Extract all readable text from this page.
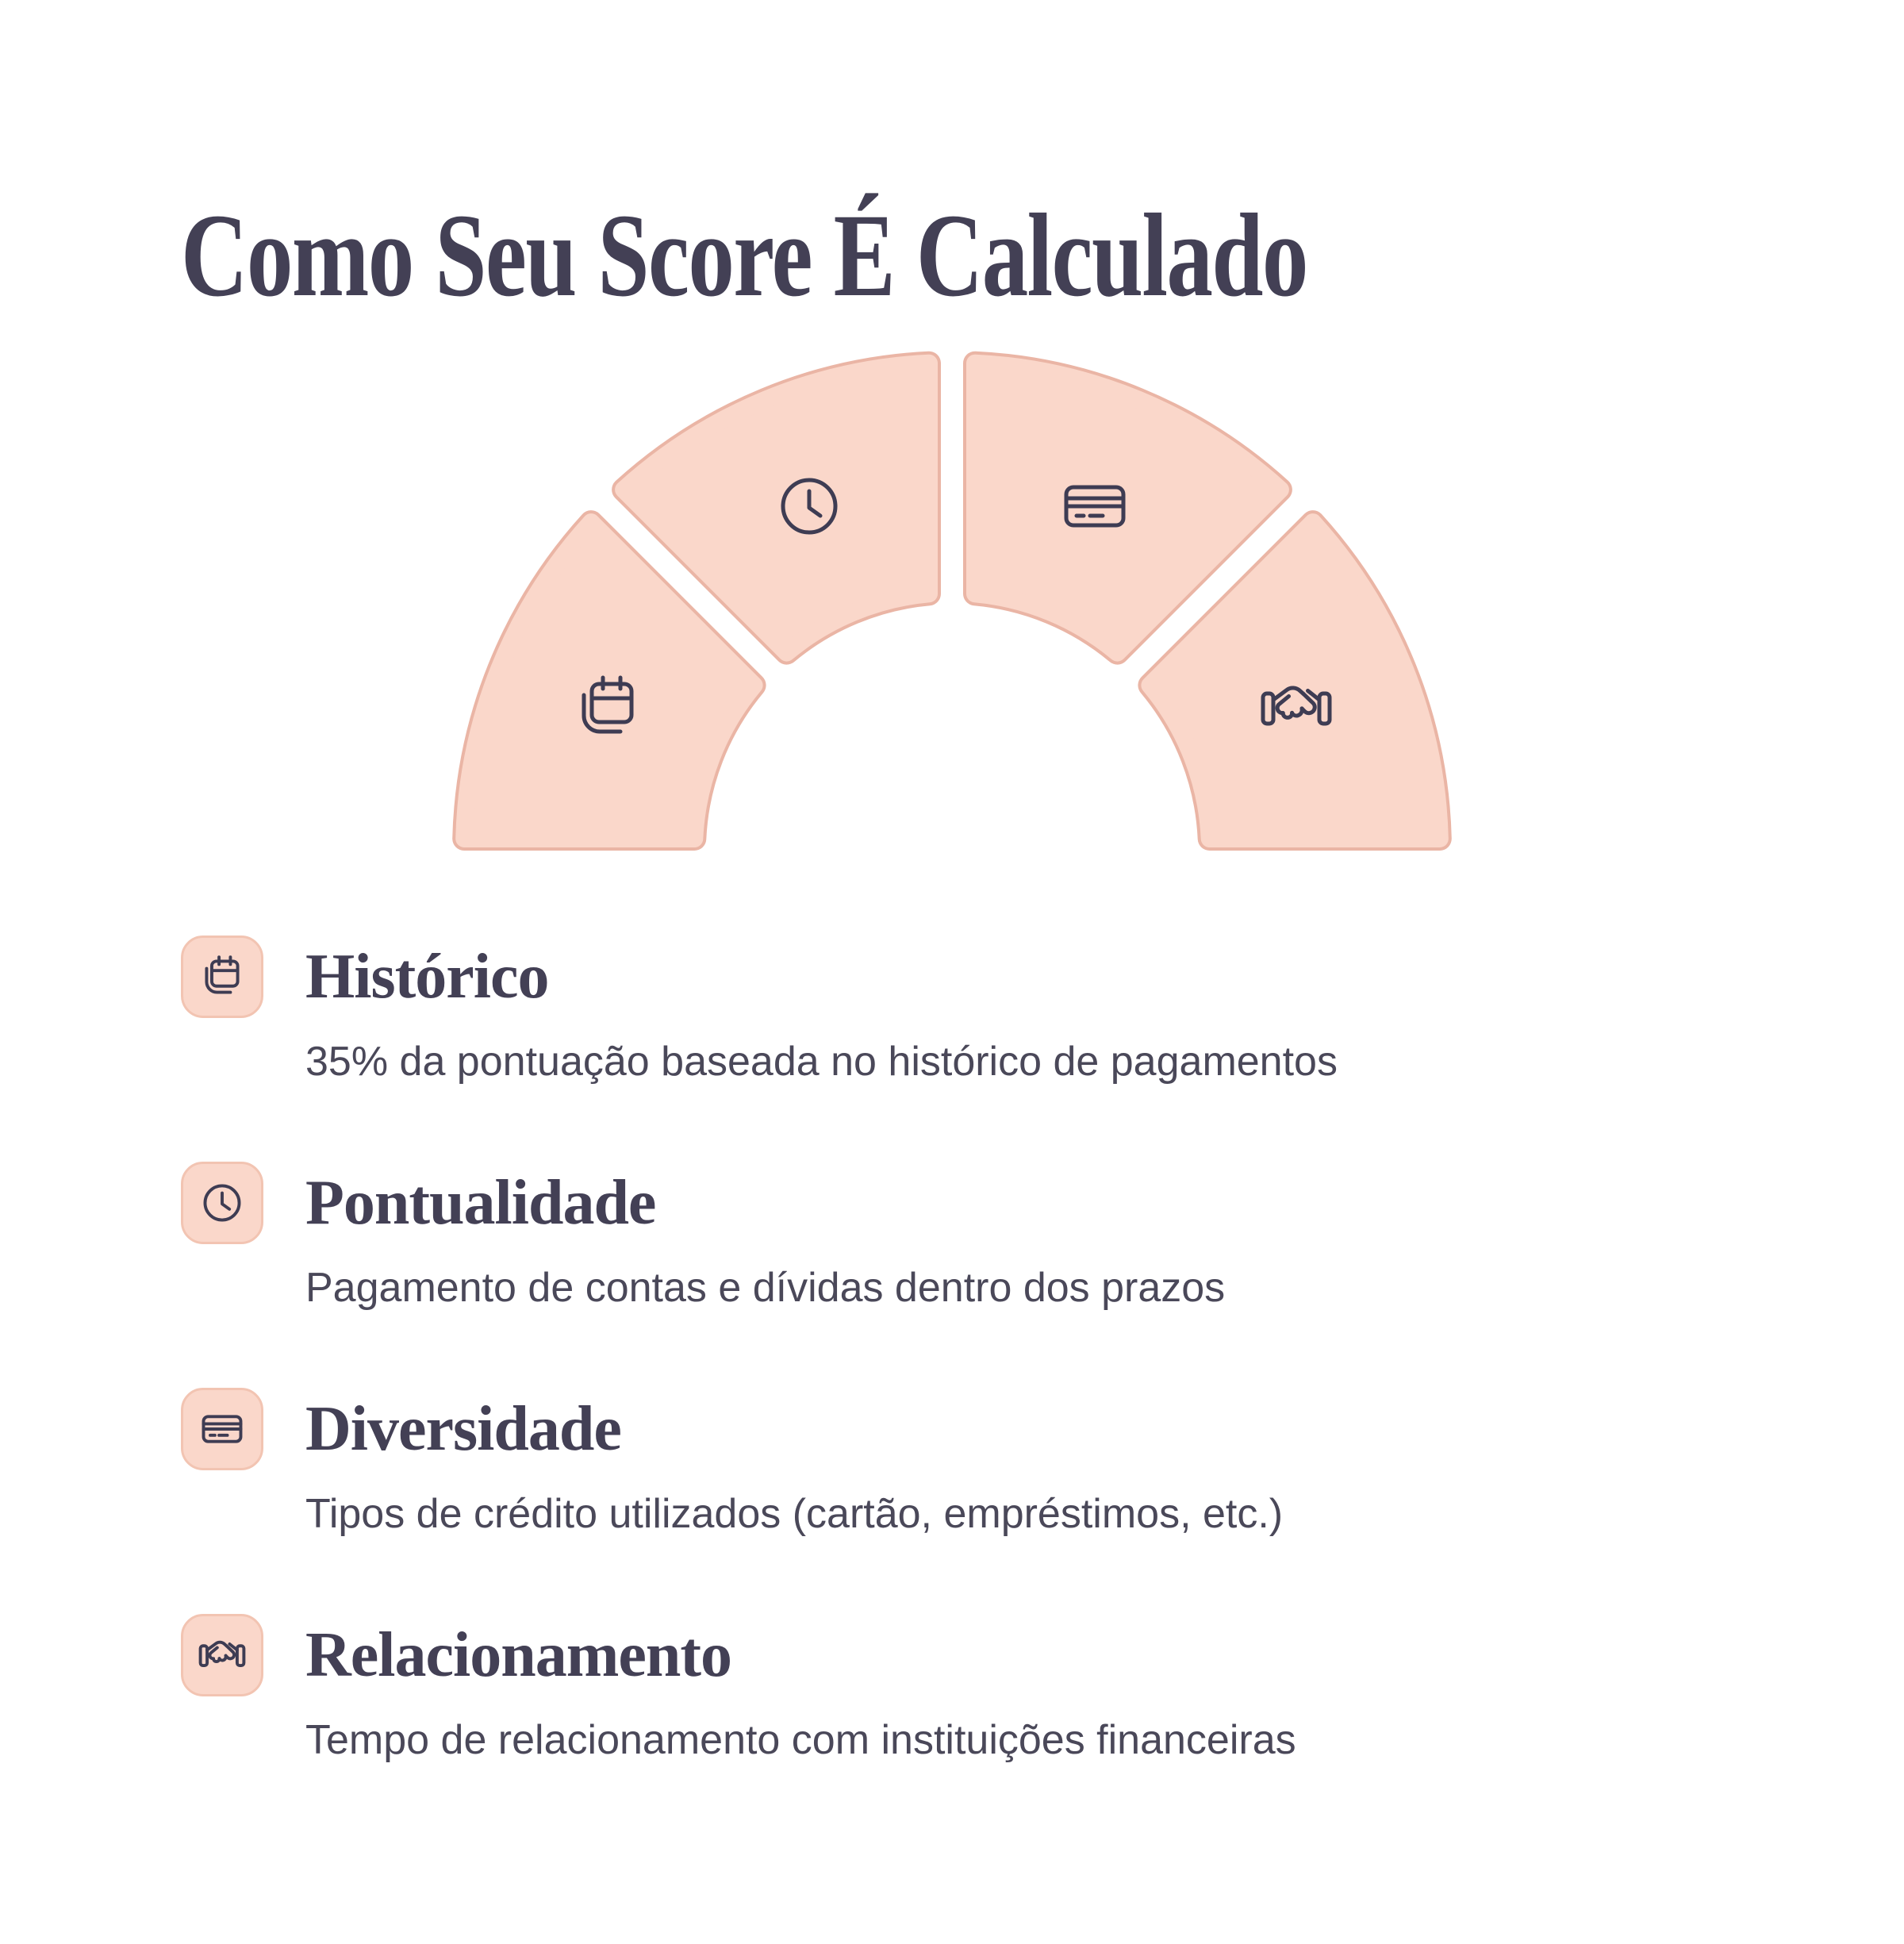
Como Seu Score É Calculado
Histórico

35% da pontuação baseada no histórico de pagamentos

Pontualidade

Pagamento de contas e dívidas dentro dos prazos

Diversidade

Tipos de crédito utilizados (cartão, empréstimos, etc.)

Relacionamento

Tempo de relacionamento com instituições financeiras
